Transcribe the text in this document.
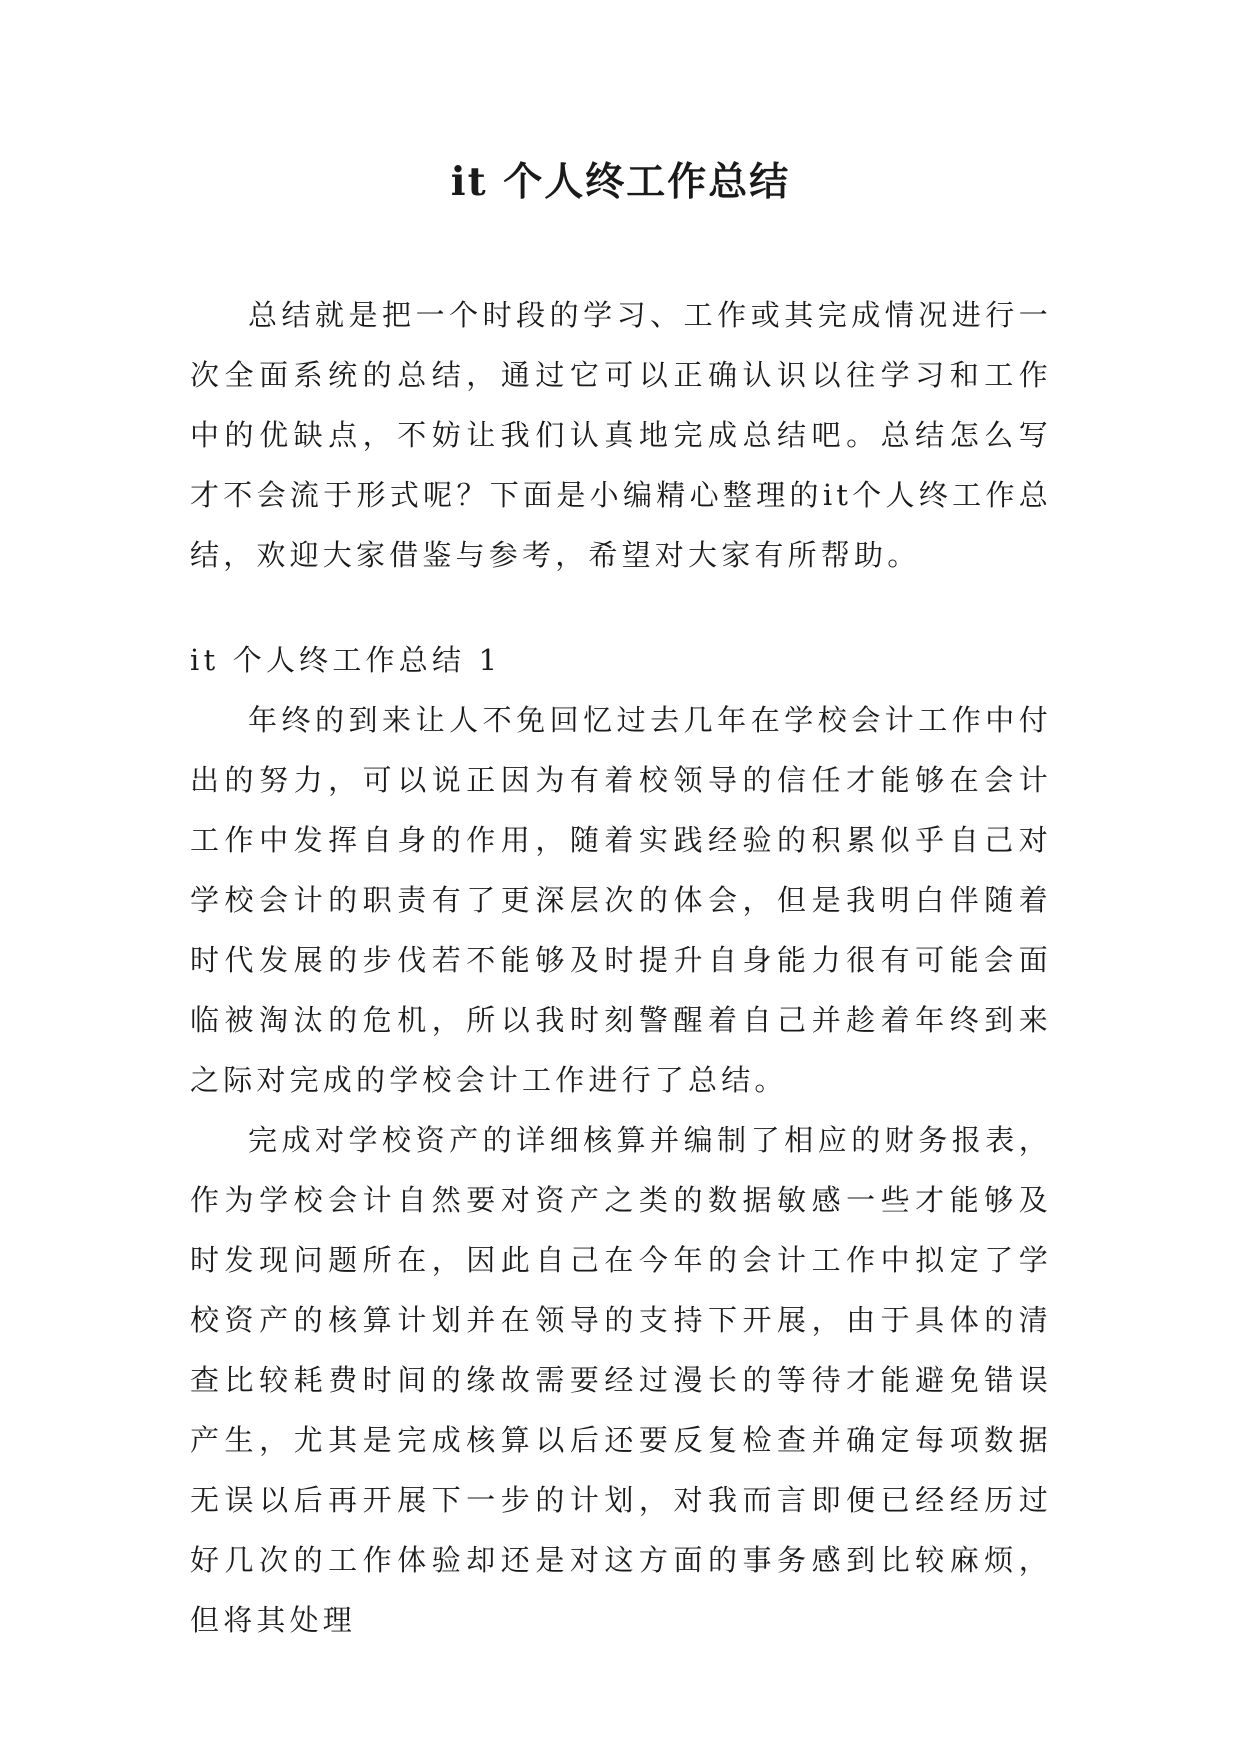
it 个人终工作总结

总结就是把一个时段的学习、工作或其完成情况进行一次全面系统的总结，通过它可以正确认识以往学习和工作中的优缺点，不妨让我们认真地完成总结吧。总结怎么写才不会流于形式呢？下面是小编精心整理的it个人终工作总结，欢迎大家借鉴与参考，希望对大家有所帮助。

it 个人终工作总结 1

年终的到来让人不免回忆过去几年在学校会计工作中付出的努力，可以说正因为有着校领导的信任才能够在会计工作中发挥自身的作用，随着实践经验的积累似乎自己对学校会计的职责有了更深层次的体会，但是我明白伴随着时代发展的步伐若不能够及时提升自身能力很有可能会面临被淘汰的危机，所以我时刻警醒着自己并趁着年终到来之际对完成的学校会计工作进行了总结。

完成对学校资产的详细核算并编制了相应的财务报表，作为学校会计自然要对资产之类的数据敏感一些才能够及时发现问题所在，因此自己在今年的会计工作中拟定了学校资产的核算计划并在领导的支持下开展，由于具体的清查比较耗费时间的缘故需要经过漫长的等待才能避免错误产生，尤其是完成核算以后还要反复检查并确定每项数据无误以后再开展下一步的计划，对我而言即便已经经历过好几次的工作体验却还是对这方面的事务感到比较麻烦，但将其处理
